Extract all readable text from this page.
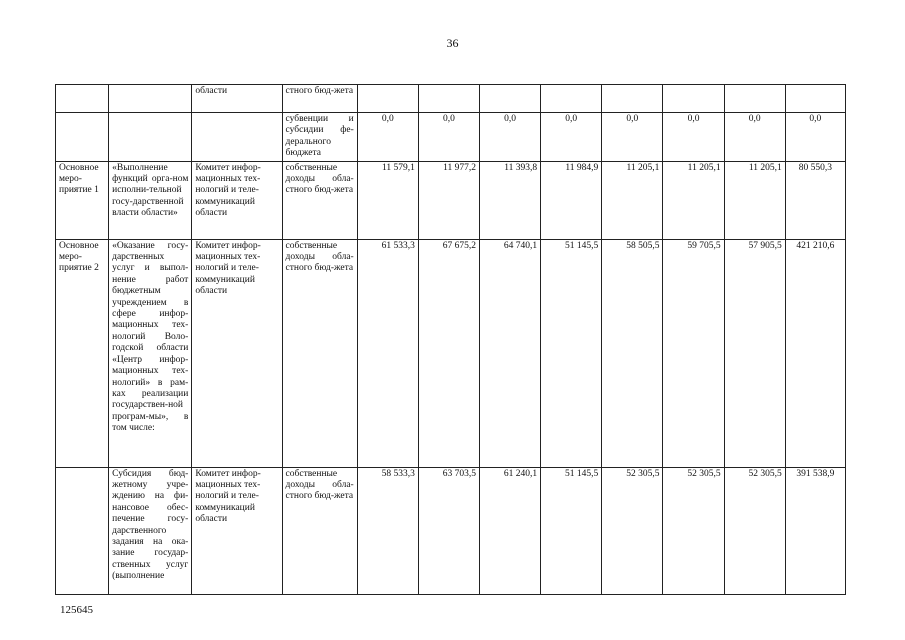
36
		области	стного бюд-жета								
			субвенции и субсидии фе-дерального бюджета	0,0	0,0	0,0	0,0	0,0	0,0	0,0	0,0
Основное меро-приятие 1	«Выполнение функций орга-ном исполни-тельной госу-дарственной власти области»	Комитет инфор-мационных тех-нологий и теле-коммуникаций области	собственные доходы обла-стного бюд-жета	11 579,1	11 977,2	11 393,8	11 984,9	11 205,1	11 205,1	11 205,1	80 550,3
Основное меро-приятие 2	«Оказание госу-дарственных услуг и выпол-нение работ бюджетным учреждением в сфере инфор-мационных тех-нологий Воло-годской области «Центр инфор-мационных тех-нологий» в рам-ках реализации государствен-ной програм-мы», в том числе:	Комитет инфор-мационных тех-нологий и теле-коммуникаций области	собственные доходы обла-стного бюд-жета	61 533,3	67 675,2	64 740,1	51 145,5	58 505,5	59 705,5	57 905,5	421 210,6
	Субсидия бюд-жетному учре-ждению на фи-нансовое обес-печение госу-дарственного задания на ока-зание государ-ственных услуг (выполнение	Комитет инфор-мационных тех-нологий и теле-коммуникаций области	собственные доходы обла-стного бюд-жета	58 533,3	63 703,5	61 240,1	51 145,5	52 305,5	52 305,5	52 305,5	391 538,9
125645
